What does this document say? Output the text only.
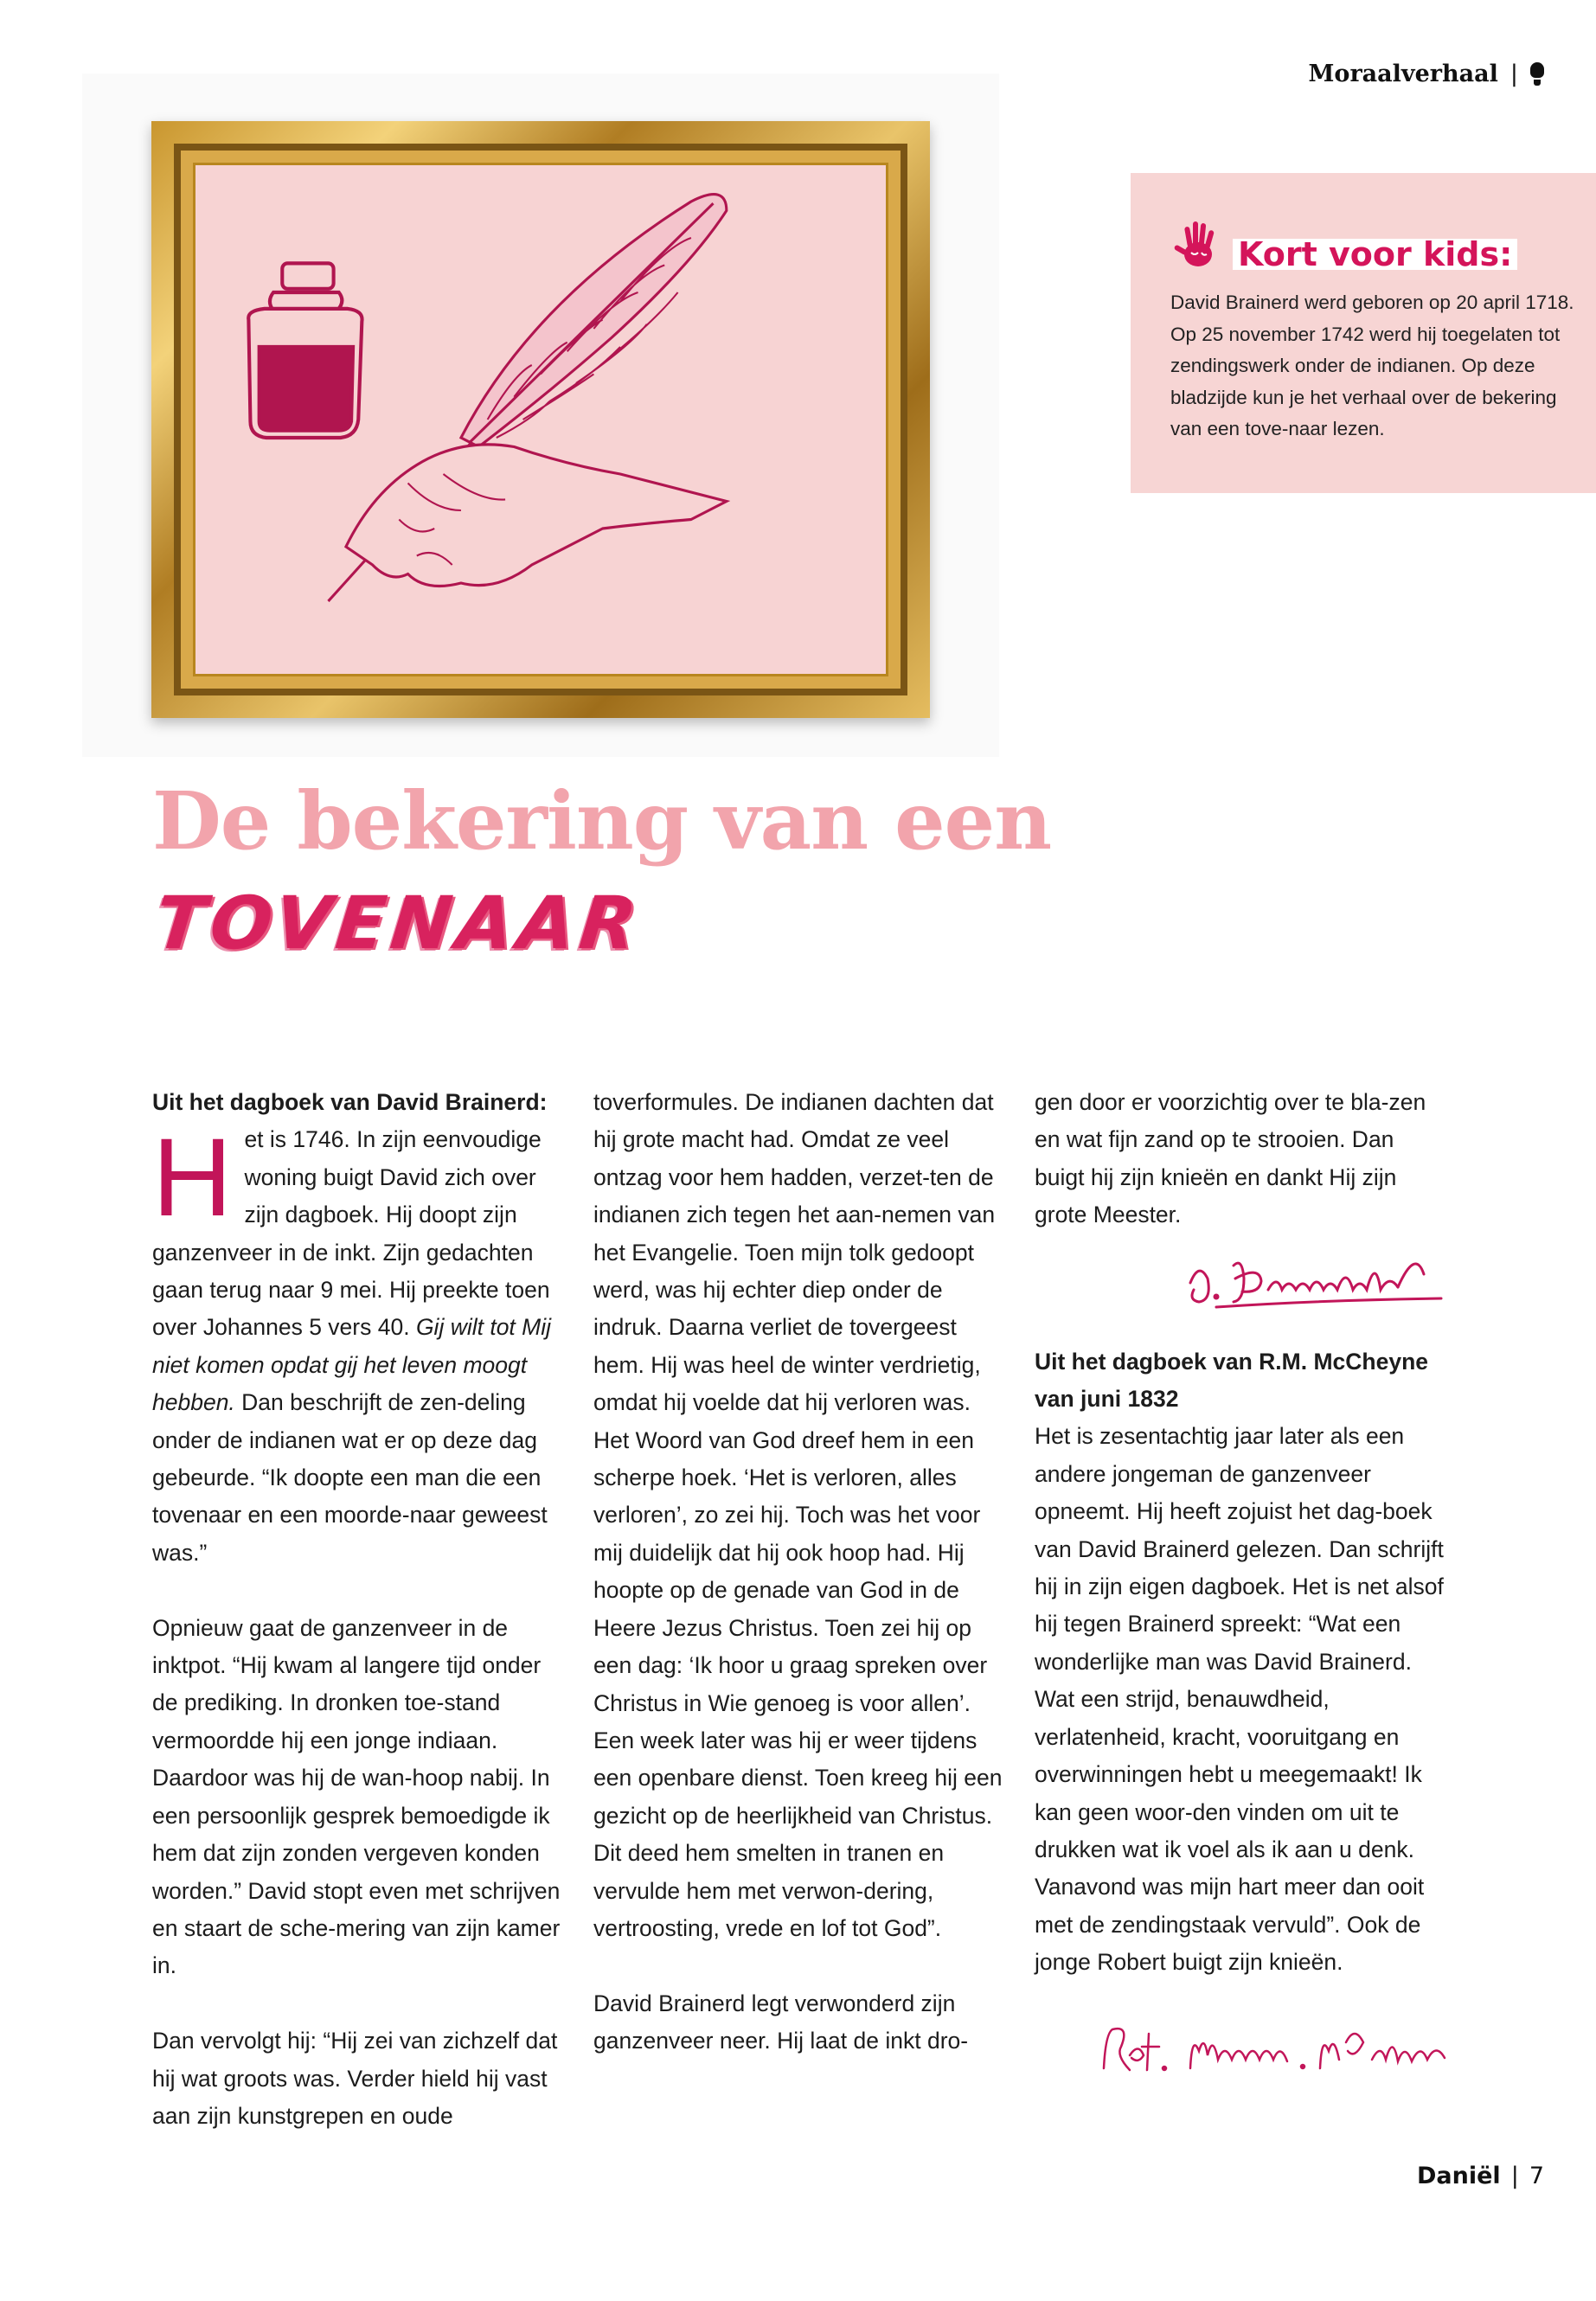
Moraalverhaal |
Kort voor kids:

David Brainerd werd geboren op 20 april 1718. Op 25 november 1742 werd hij toegelaten tot zendingswerk onder de indianen. Op deze bladzijde kun je het verhaal over de bekering van een tove-naar lezen.

De bekering van een
TOVENAAR

Uit het dagboek van David Brainerd:

Het is 1746. In zijn eenvoudige woning buigt David zich over zijn dagboek. Hij doopt zijn ganzenveer in de inkt. Zijn gedachten gaan terug naar 9 mei. Hij preekte toen over Johannes 5 vers 40. Gij wilt tot Mij niet komen opdat gij het leven moogt hebben. Dan beschrijft de zen-deling onder de indianen wat er op deze dag gebeurde. “Ik doopte een man die een tovenaar en een moorde-naar geweest was.”

Opnieuw gaat de ganzenveer in de inktpot. “Hij kwam al langere tijd onder de prediking. In dronken toe-stand vermoordde hij een jonge indiaan. Daardoor was hij de wan-hoop nabij. In een persoonlijk gesprek bemoedigde ik hem dat zijn zonden vergeven konden worden.” David stopt even met schrijven en staart de sche-mering van zijn kamer in.

Dan vervolgt hij: “Hij zei van zichzelf dat hij wat groots was. Verder hield hij vast aan zijn kunstgrepen en oude

toverformules. De indianen dachten dat hij grote macht had. Omdat ze veel ontzag voor hem hadden, verzet-ten de indianen zich tegen het aan-nemen van het Evangelie. Toen mijn tolk gedoopt werd, was hij echter diep onder de indruk. Daarna verliet de tovergeest hem. Hij was heel de winter verdrietig, omdat hij voelde dat hij verloren was. Het Woord van God dreef hem in een scherpe hoek. ‘Het is verloren, alles verloren’, zo zei hij. Toch was het voor mij duidelijk dat hij ook hoop had. Hij hoopte op de genade van God in de Heere Jezus Christus. Toen zei hij op een dag: ‘Ik hoor u graag spreken over Christus in Wie genoeg is voor allen’.

Een week later was hij er weer tijdens een openbare dienst. Toen kreeg hij een gezicht op de heerlijkheid van Christus. Dit deed hem smelten in tranen en vervulde hem met verwon-dering, vertroosting, vrede en lof tot God”.

David Brainerd legt verwonderd zijn ganzenveer neer. Hij laat de inkt dro-

gen door er voorzichtig over te bla-zen en wat fijn zand op te strooien. Dan buigt hij zijn knieën en dankt Hij zijn grote Meester.

Uit het dagboek van R.M. McCheyne van juni 1832

Het is zesentachtig jaar later als een andere jongeman de ganzenveer opneemt. Hij heeft zojuist het dag-boek van David Brainerd gelezen. Dan schrijft hij in zijn eigen dagboek. Het is net alsof hij tegen Brainerd spreekt: “Wat een wonderlijke man was David Brainerd. Wat een strijd, benauwdheid, verlatenheid, kracht, vooruitgang en overwinningen hebt u meegemaakt! Ik kan geen woor-den vinden om uit te drukken wat ik voel als ik aan u denk. Vanavond was mijn hart meer dan ooit met de zendingstaak vervuld”. Ook de jonge Robert buigt zijn knieën.

Daniël | 7
